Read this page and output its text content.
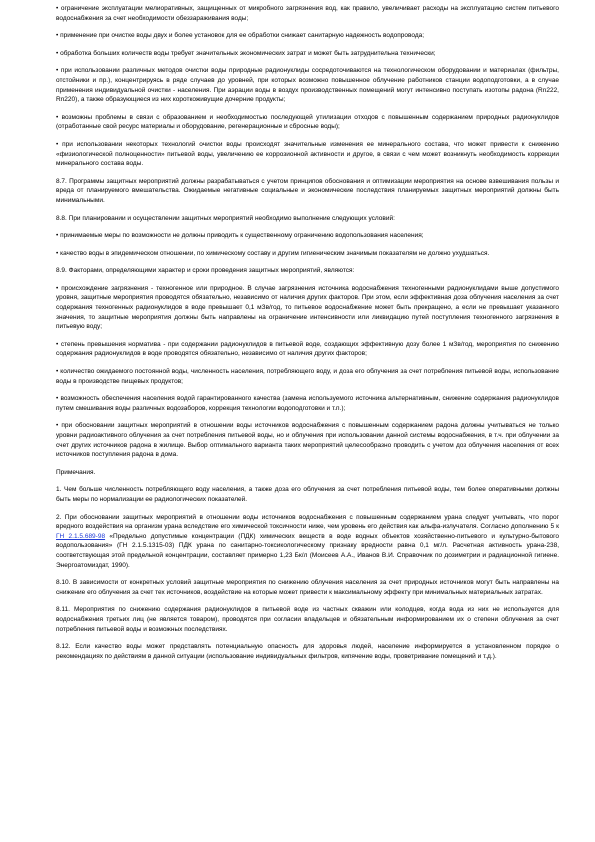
• ограничение эксплуатации мелиоративных, защищенных от микробного загрязнения вод, как правило, увеличивает расходы на эксплуатацию систем питьевого водоснабжения за счет необходимости обеззараживания воды;

• применение при очистке воды двух и более установок для ее обработки снижает санитарную надежность водопровода;

• обработка больших количеств воды требует значительных экономических затрат и может быть затруднительна технически;

• при использовании различных методов очистки воды природные радионуклиды сосредоточиваются на технологическом оборудовании и материалах (фильтры, отстойники и пр.), концентрируясь в ряде случаев до уровней, при которых возможно повышенное облучение работников станции водоподготовки, а в случае применения индивидуальной очистки - населения. При аэрации воды в воздух производственных помещений могут интенсивно поступать изотопы радона (Rn222, Rn220), а также образующиеся из них короткоживущие дочерние продукты;

• возможны проблемы в связи с образованием и необходимостью последующей утилизации отходов с повышенным содержанием природных радионуклидов (отработанные свой ресурс материалы и оборудование, регенерационные и сбросные воды);

• при использовании некоторых технологий очистки воды происходят значительные изменения ее минерального состава, что может привести к снижению «физиологической полноценности» питьевой воды, увеличению ее коррозионной активности и другое, в связи с чем может возникнуть необходимость коррекции минерального состава воды.

8.7. Программы защитных мероприятий должны разрабатываться с учетом принципов обоснования и оптимизации мероприятия на основе взвешивания пользы и вреда от планируемого вмешательства. Ожидаемые негативные социальные и экономические последствия планируемых защитных мероприятий должны быть минимальными.

8.8. При планировании и осуществлении защитных мероприятий необходимо выполнение следующих условий:

• принимаемые меры по возможности не должны приводить к существенному ограничению водопользования населения;

• качество воды в эпидемическом отношении, по химическому составу и другим гигиеническим значимым показателям не должно ухудшаться.

8.9. Факторами, определяющими характер и сроки проведения защитных мероприятий, являются:

• происхождение загрязнения - техногенное или природное. В случае загрязнения источника водоснабжения техногенными радионуклидами выше допустимого уровня, защитные мероприятия проводятся обязательно, независимо от наличия других факторов. При этом, если эффективная доза облучения населения за счет содержания техногенных радионуклидов в воде превышает 0,1 мЗв/год, то питьевое водоснабжение может быть прекращено, а если не превышает указанного значения, то защитные мероприятия должны быть направлены на ограничение интенсивности или ликвидацию путей поступления техногенного загрязнения в питьевую воду;

• степень превышения норматива - при содержании радионуклидов в питьевой воде, создающих эффективную дозу более 1 мЗв/год, мероприятия по снижению содержания радионуклидов в воде проводятся обязательно, независимо от наличия других факторов;

• количество ожидаемого постоянной воды, численность населения, потребляющего воду, и доза его облучения за счет потребления питьевой воды, использование воды в производстве пищевых продуктов;

• возможность обеспечения населения водой гарантированного качества (замена используемого источника альтернативным, снижение содержания радионуклидов путем смешивания воды различных водозаборов, коррекция технологии водоподготовки и т.п.);

• при обосновании защитных мероприятий в отношении воды источников водоснабжения с повышенным содержанием радона должны учитываться не только уровни радиоактивного облучения за счет потребления питьевой воды, но и облучения при использовании данной системы водоснабжения, в т.ч. при облучении за счет других источников радона в жилище. Выбор оптимального варианта таких мероприятий целесообразно проводить с учетом доз облучения населения от всех источников поступления радона в дома.

Примечания.

1. Чем больше численность потребляющего воду населения, а также доза его облучения за счет потребления питьевой воды, тем более оперативными должны быть меры по нормализации ее радиологических показателей.

2. При обосновании защитных мероприятий в отношении воды источников водоснабжения с повышенным содержанием урана следует учитывать, что порог вредного воздействия на организм урана вследствие его химической токсичности ниже, чем уровень его действия как альфа-излучателя. Согласно дополнению 5 к ГН 2.1.5.689-98 «Предельно допустимые концентрации (ПДК) химических веществ в воде водных объектов хозяйственно-питьевого и культурно-бытового водопользования» (ГН 2.1.5.1315-03) ПДК урана по санитарно-токсикологическому признаку вредности равна 0,1 мг/л. Расчетная активность урана-238, соответствующая этой предельной концентрации, составляет примерно 1,23 Бк/л (Моисеев А.А., Иванов В.И. Справочник по дозиметрии и радиационной гигиене. Энергоатомиздат, 1990).

8.10. В зависимости от конкретных условий защитные мероприятия по снижению облучения населения за счет природных источников могут быть направлены на снижение его облучения за счет тех источников, воздействие на которые может привести к максимальному эффекту при минимальных материальных затратах.

8.11. Мероприятия по снижению содержания радионуклидов в питьевой воде из частных скважин или колодцев, когда вода из них не используется для водоснабжения третьих лиц (не является товаром), проводятся при согласии владельцев и обязательным информированием их о степени облучения за счет потребления питьевой воды и возможных последствиях.

8.12. Если качество воды может представлять потенциальную опасность для здоровья людей, население информируется в установленном порядке о рекомендациях по действиям в данной ситуации (использование индивидуальных фильтров, кипячение воды, проветривание помещений и т.д.).
